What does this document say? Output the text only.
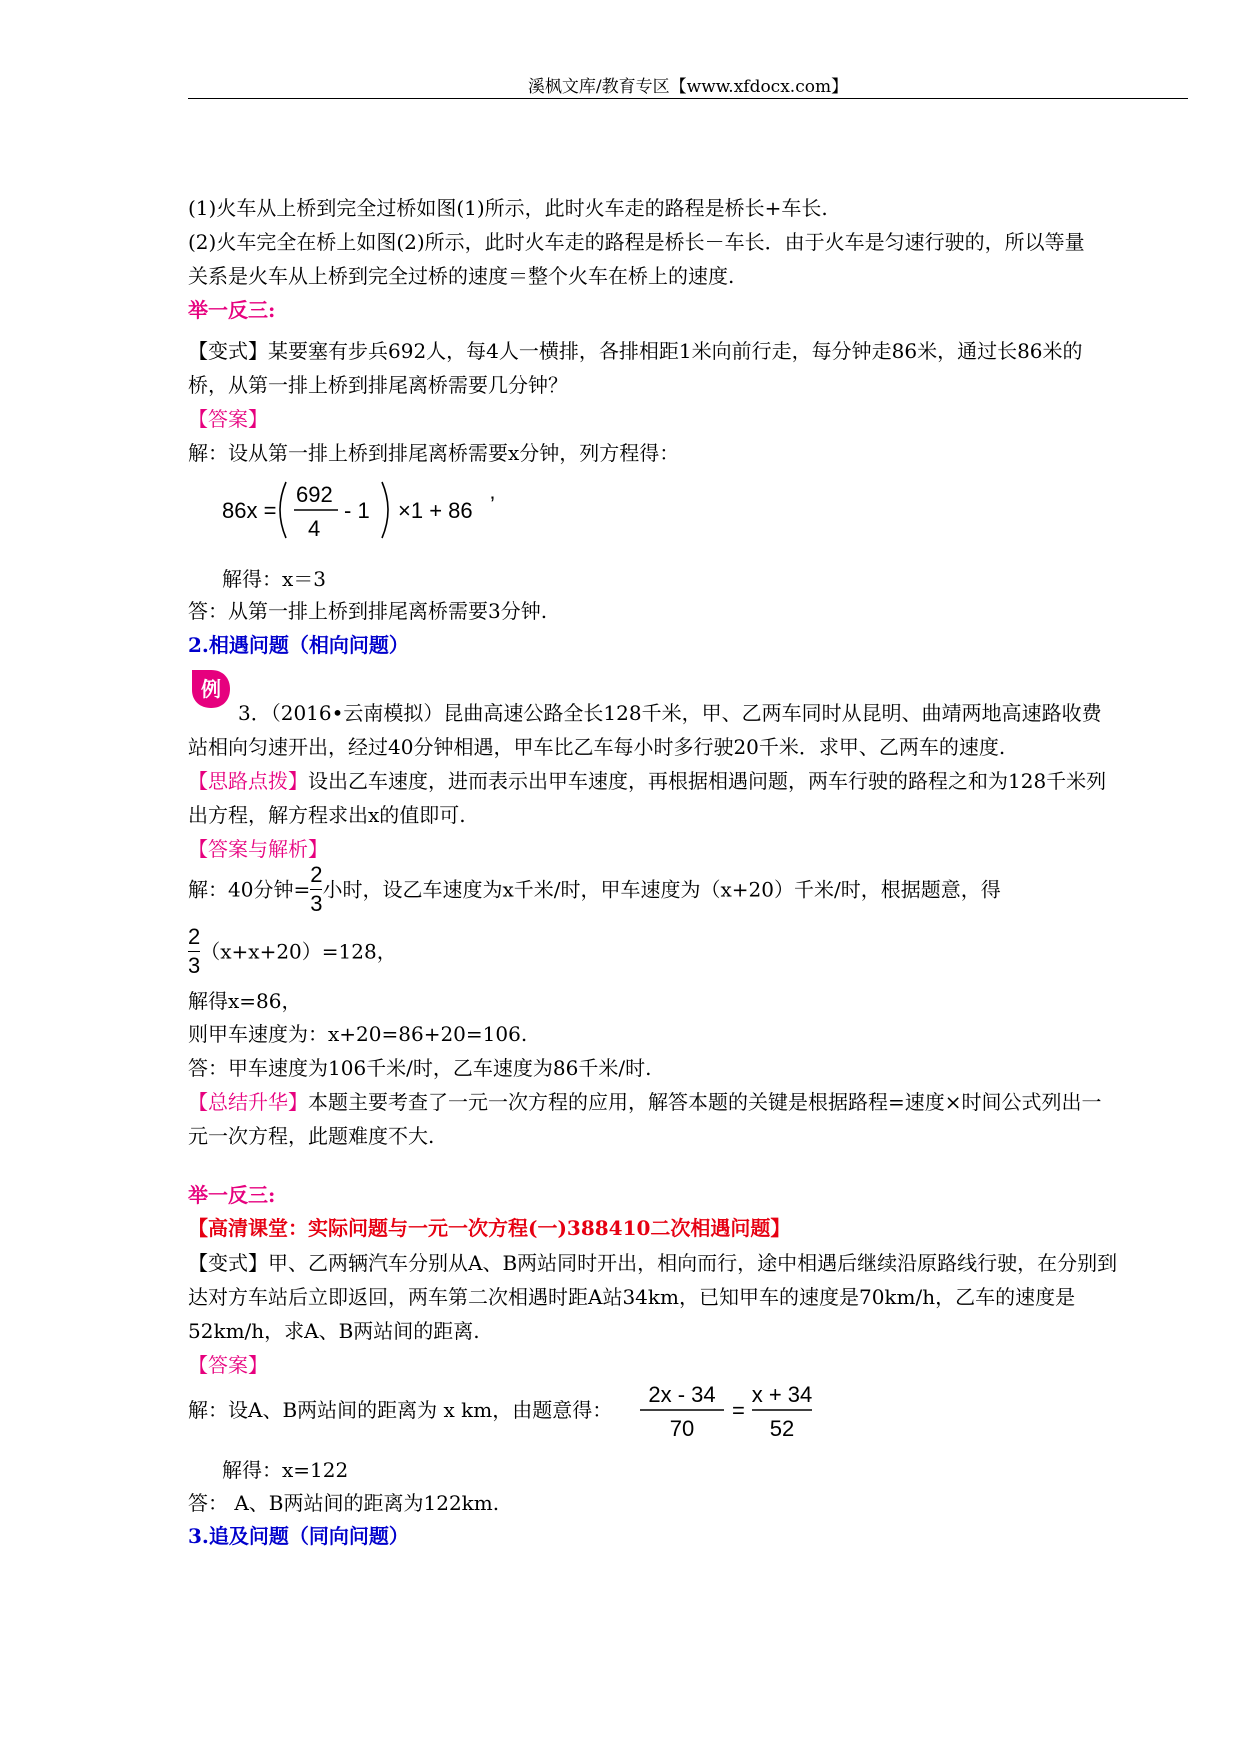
溪枫文库/教育专区【www.xfdocx.com】
(1)火车从上桥到完全过桥如图(1)所示，此时火车走的路程是桥长+车长.
(2)火车完全在桥上如图(2)所示，此时火车走的路程是桥长－车长．由于火车是匀速行驶的，所以等量
关系是火车从上桥到完全过桥的速度＝整个火车在桥上的速度.
举一反三:
【变式】某要塞有步兵692人，每4人一横排，各排相距1米向前行走，每分钟走86米，通过长86米的
桥，从第一排上桥到排尾离桥需要几分钟？
【答案】
解：设从第一排上桥到排尾离桥需要x分钟，列方程得：
86x =
692
4
- 1 ×1 + 86 ’
解得：x＝3
答：从第一排上桥到排尾离桥需要3分钟.
2.相遇问题（相向问题）
例
3．（2016•云南模拟）昆曲高速公路全长128千米，甲、乙两车同时从昆明、曲靖两地高速路收费
站相向匀速开出，经过40分钟相遇，甲车比乙车每小时多行驶20千米．求甲、乙两车的速度.
【思路点拨】设出乙车速度，进而表示出甲车速度，再根据相遇问题，两车行驶的路程之和为128千米列
出方程，解方程求出x的值即可.
【答案与解析】
解：40分钟= $\frac{2}{3}$ 小时，设乙车速度为x千米/时，甲车速度为（x+20）千米/时，根据题意，得
$\frac{2}{3} (x+x+20)=128$，
解得x=86，
则甲车速度为：x+20=86+20=106.
答：甲车速度为106千米/时，乙车速度为86千米/时.
【总结升华】本题主要考查了一元一次方程的应用，解答本题的关键是根据路程=速度×时间公式列出一
元一次方程，此题难度不大.
举一反三:
【高清课堂：实际问题与一元一次方程(一)388410二次相遇问题】
【变式】甲、乙两辆汽车分别从A、B两站同时开出，相向而行，途中相遇后继续沿原路线行驶，在分别到
达对方车站后立即返回，两车第二次相遇时距A站34km，已知甲车的速度是70km/h，乙车的速度是
52km/h，求A、B两站间的距离.
【答案】
解：设A、B两站间的距离为 x km，由题意得：
2x - 34
70
=
x + 34
52
解得：x=122
答： A、B两站间的距离为122km.
3.追及问题（同向问题）
